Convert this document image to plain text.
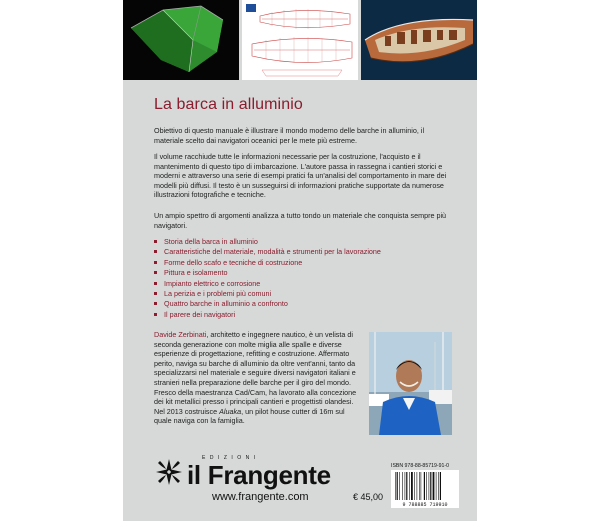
La barca in alluminio

Obiettivo di questo manuale è illustrare il mondo moderno delle barche in alluminio, il materiale scelto dai navigatori oceanici per le mete più estreme.

Il volume racchiude tutte le informazioni necessarie per la costruzione, l'acquisto e il mantenimento di questo tipo di imbarcazione. L'autore passa in rassegna i cantieri storici e moderni e attraverso una serie di esempi pratici fa un'analisi del comportamento in mare dei modelli più diffusi. Il testo è un susseguirsi di informazioni pratiche supportate da numerose illustrazioni fotografiche e tecniche.

Un ampio spettro di argomenti analizza a tutto tondo un materiale che conquista sempre più navigatori.

Storia della barca in alluminio
Caratteristiche del materiale, modalità e strumenti per la lavorazione
Forme dello scafo e tecniche di costruzione
Pittura e isolamento
Impianto elettrico e corrosione
La perizia e i problemi più comuni
Quattro barche in alluminio a confronto
Il parere dei navigatori

Davide Zerbinati, architetto e ingegnere nautico, è un velista di seconda generazione con molte miglia alle spalle e diverse esperienze di progettazione, refitting e costruzione. Affermato perito, naviga su barche di alluminio da oltre vent'anni, tanto da specializzarsi nel materiale e seguire diversi navigatori italiani e stranieri nella preparazione delle barche per il giro del mondo. Fresco della maestranza Cad/Cam, ha lavorato alla concezione dei kit metallici presso i principali cantieri e progettisti olandesi. Nel 2013 costruisce Aluaka, un pilot house cutter di 16m sul quale naviga con la famiglia.

EDIZIONI
il Frangente
www.frangente.com	€ 45,00
ISBN 978-88-85719-91-0
9 788885 719910
